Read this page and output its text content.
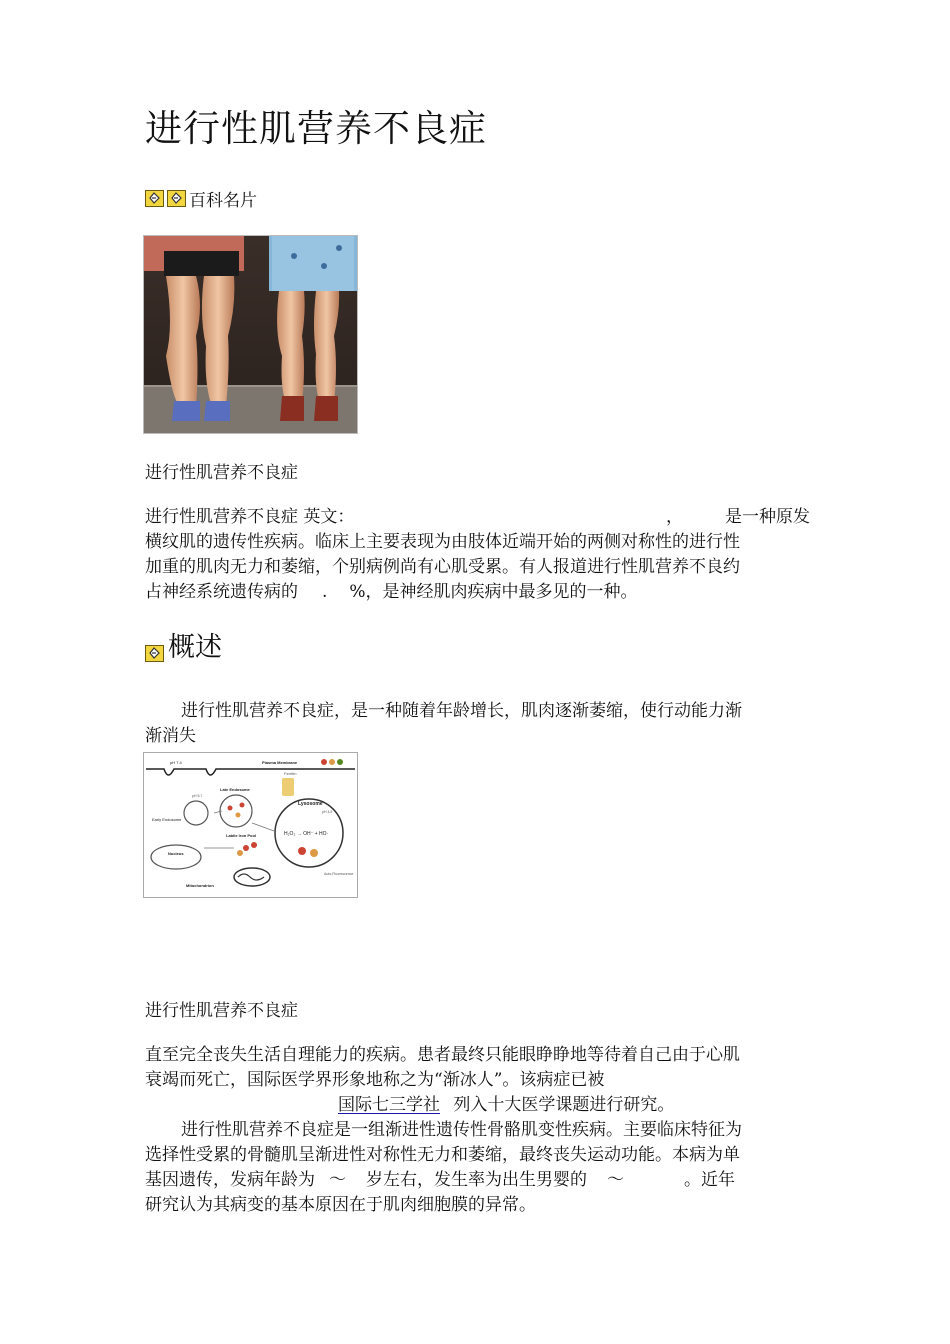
进行性肌营养不良症
百科名片
进行性肌营养不良症
进行性肌营养不良症 英文：	， 是一种原发
横纹肌的遗传性疾病。临床上主要表现为由肢体近端开始的两侧对称性的进行性
加重的肌肉无力和萎缩，个别病例尚有心肌受累。有人报道进行性肌营养不良约
占神经系统遗传病的 . %，是神经肌肉疾病中最多见的一种。
概述
进行性肌营养不良症，是一种随着年龄增长，肌肉逐渐萎缩，使行动能力渐
渐消失
pH 7.4	Plasma Membrane
Ferritin
Early Endosome
pH 5.7
Late Endosome
Lysosome
pH 4.5
H₂O₂ → OH⁻ + HO·
Auto-Fluorescence
Labile Iron Pool
Nucleus
Mitochondrion
进行性肌营养不良症
直至完全丧失生活自理能力的疾病。患者最终只能眼睁睁地等待着自己由于心肌
衰竭而死亡，国际医学界形象地称之为“渐冰人”。该病症已被
国际七三学社 列入十大医学课题进行研究。
进行性肌营养不良症是一组渐进性遗传性骨骼肌变性疾病。主要临床特征为
选择性受累的骨髓肌呈渐进性对称性无力和萎缩，最终丧失运动功能。本病为单
基因遗传，发病年龄为 ～ 岁左右，发生率为出生男婴的 ～	。近年
研究认为其病变的基本原因在于肌肉细胞膜的异常。
